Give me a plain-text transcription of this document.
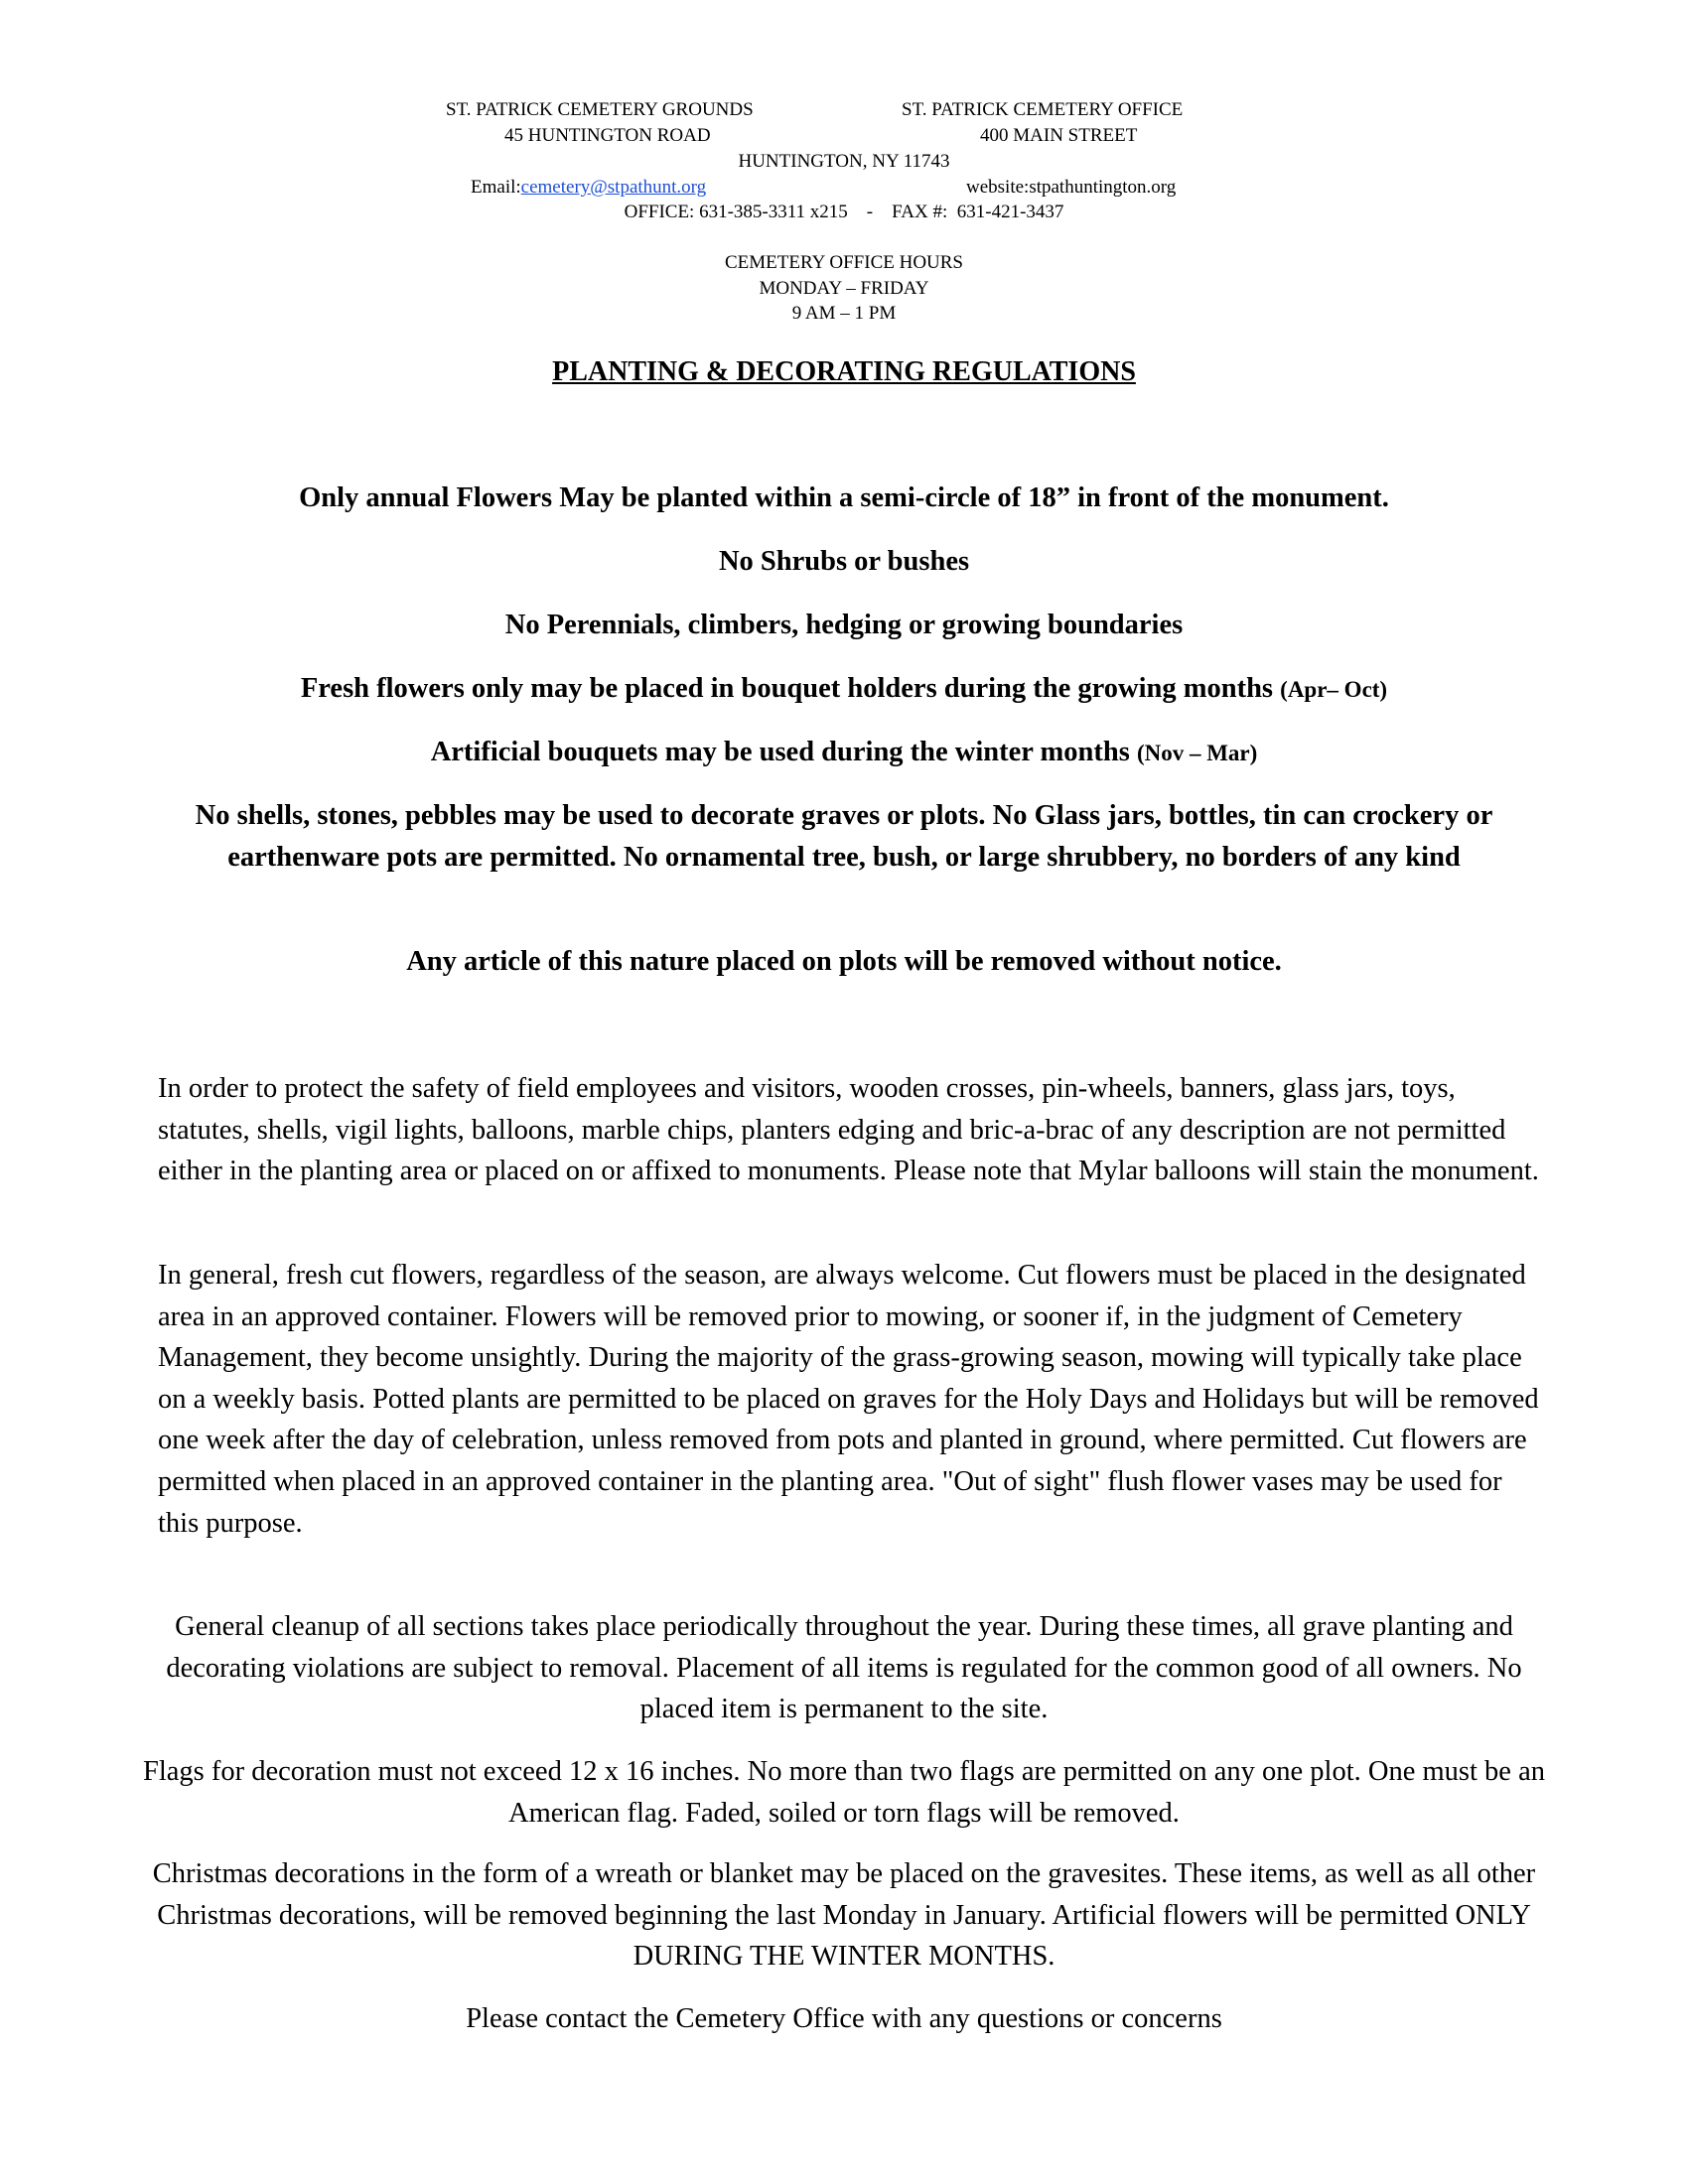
ST. PATRICK CEMETERY GROUNDS	ST. PATRICK CEMETERY OFFICE
45 HUNTINGTON ROAD	400 MAIN STREET
HUNTINGTON, NY 11743
Email:cemetery@stpathunt.org	website:stpathuntington.org
OFFICE: 631-385-3311 x215    -    FAX #:  631-421-3437
CEMETERY OFFICE HOURS
MONDAY – FRIDAY
9 AM – 1 PM
PLANTING & DECORATING REGULATIONS
Only annual Flowers May be planted within a semi-circle of 18” in front of the monument.
No Shrubs or bushes
No Perennials, climbers, hedging or growing boundaries
Fresh flowers only may be placed in bouquet holders during the growing months (Apr– Oct)
Artificial bouquets may be used during the winter months (Nov – Mar)
No shells, stones, pebbles may be used to decorate graves or plots. No Glass jars, bottles, tin can crockery or earthenware pots are permitted. No ornamental tree, bush, or large shrubbery, no borders of any kind
Any article of this nature placed on plots will be removed without notice.
In order to protect the safety of field employees and visitors, wooden crosses, pin-wheels, banners, glass jars, toys, statutes, shells, vigil lights, balloons, marble chips, planters edging and bric-a-brac of any description are not permitted either in the planting area or placed on or affixed to monuments. Please note that Mylar balloons will stain the monument.
In general, fresh cut flowers, regardless of the season, are always welcome. Cut flowers must be placed in the designated area in an approved container. Flowers will be removed prior to mowing, or sooner if, in the judgment of Cemetery Management, they become unsightly. During the majority of the grass-growing season, mowing will typically take place on a weekly basis. Potted plants are permitted to be placed on graves for the Holy Days and Holidays but will be removed one week after the day of celebration, unless removed from pots and planted in ground, where permitted. Cut flowers are permitted when placed in an approved container in the planting area. "Out of sight" flush flower vases may be used for this purpose.
General cleanup of all sections takes place periodically throughout the year. During these times, all grave planting and decorating violations are subject to removal. Placement of all items is regulated for the common good of all owners. No placed item is permanent to the site.
Flags for decoration must not exceed 12 x 16 inches. No more than two flags are permitted on any one plot. One must be an American flag. Faded, soiled or torn flags will be removed.
Christmas decorations in the form of a wreath or blanket may be placed on the gravesites. These items, as well as all other Christmas decorations, will be removed beginning the last Monday in January. Artificial flowers will be permitted ONLY DURING THE WINTER MONTHS.
Please contact the Cemetery Office with any questions or concerns
